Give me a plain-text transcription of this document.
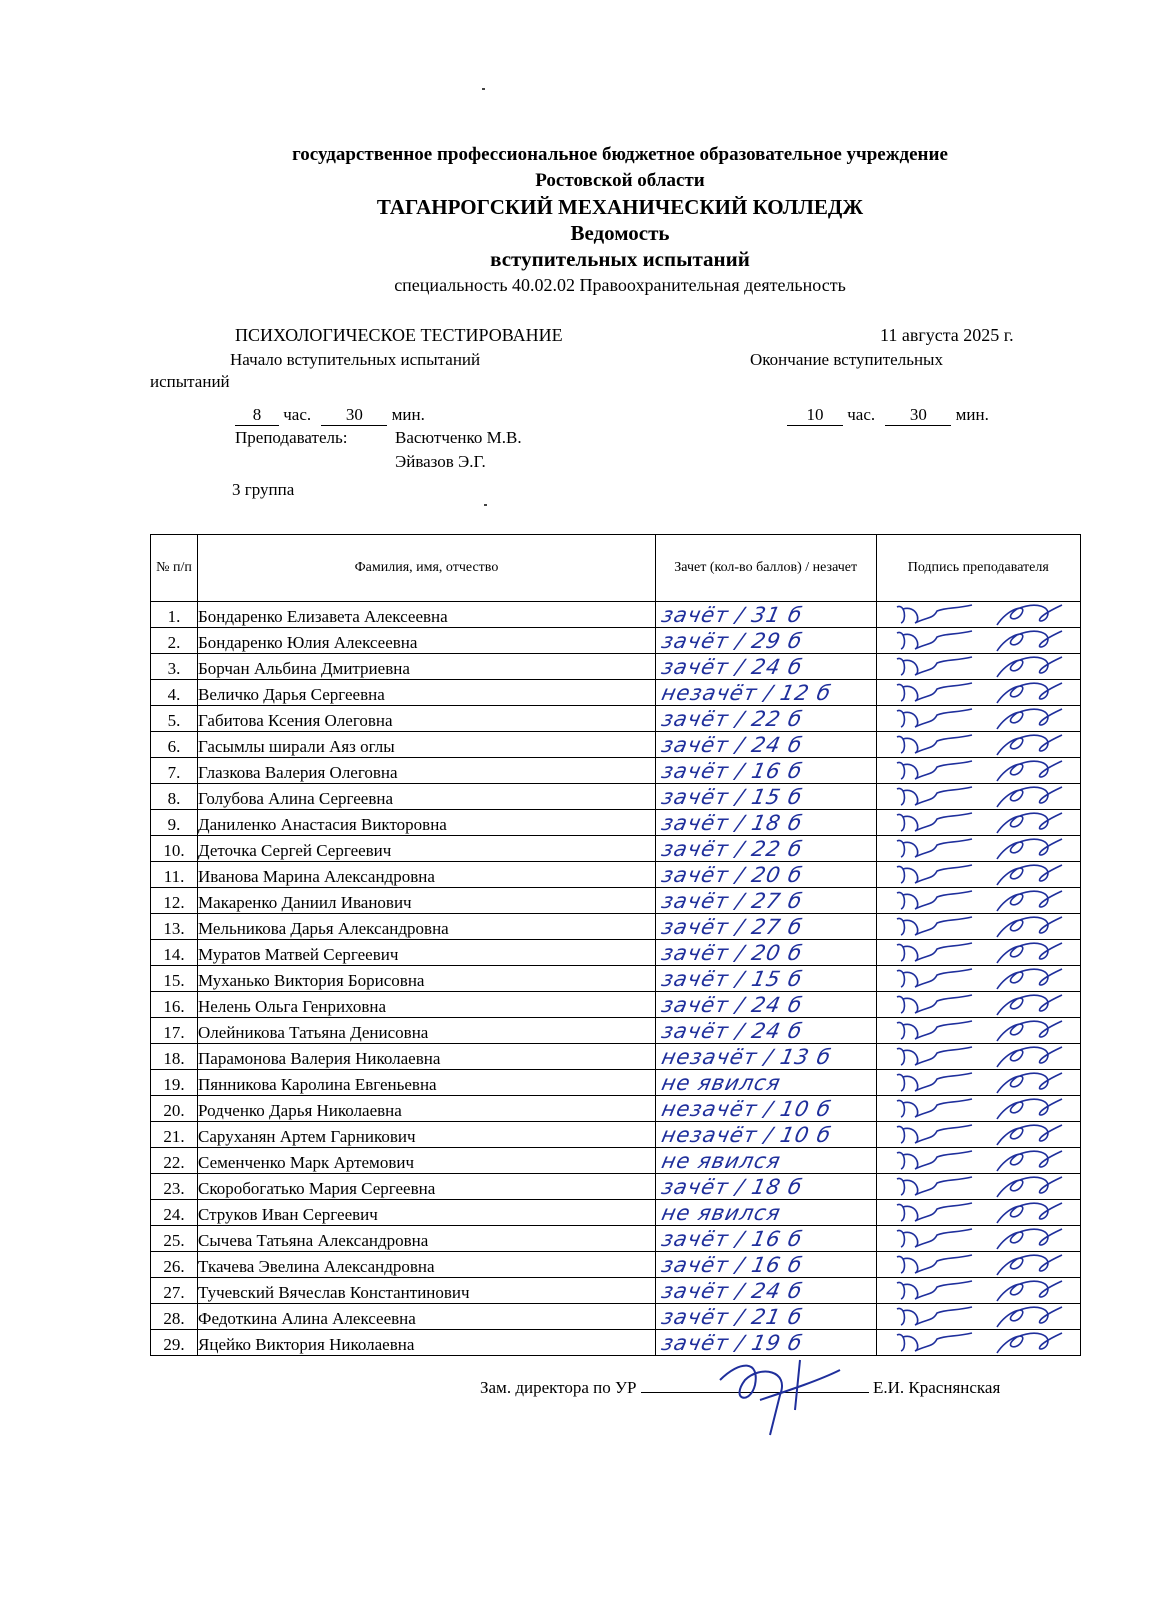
государственное профессиональное бюджетное образовательное учреждение
Ростовской области
ТАГАНРОГСКИЙ МЕХАНИЧЕСКИЙ КОЛЛЕДЖ
Ведомость
вступительных испытаний
специальность 40.02.02 Правоохранительная деятельность
ПСИХОЛОГИЧЕСКОЕ ТЕСТИРОВАНИЕ	11 августа 2025 г.
Начало вступительных испытаний	Окончание вступительных
испытаний
8 час. 30 мин.	10 час. 30 мин.
Преподаватель:	Васютченко М.В.
Эйвазов Э.Г.
3 группа
№ п/п	Фамилия, имя, отчество	Зачет (кол-во баллов) / незачет	Подпись преподавателя
1.	Бондаренко Елизавета Алексеевна	зачёт / 31 б

2.	Бондаренко Юлия Алексеевна	зачёт / 29 б

3.	Борчан Альбина Дмитриевна	зачёт / 24 б

4.	Величко Дарья Сергеевна	незачёт / 12 б

5.	Габитова Ксения Олеговна	зачёт / 22 б

6.	Гасымлы ширали Аяз оглы	зачёт / 24 б

7.	Глазкова Валерия Олеговна	зачёт / 16 б

8.	Голубова Алина Сергеевна	зачёт / 15 б

9.	Даниленко Анастасия Викторовна	зачёт / 18 б

10.	Деточка Сергей Сергеевич	зачёт / 22 б

11.	Иванова Марина Александровна	зачёт / 20 б

12.	Макаренко Даниил Иванович	зачёт / 27 б

13.	Мельникова Дарья Александровна	зачёт / 27 б

14.	Муратов Матвей Сергеевич	зачёт / 20 б

15.	Муханько Виктория Борисовна	зачёт / 15 б

16.	Нелень Ольга Генриховна	зачёт / 24 б

17.	Олейникова Татьяна Денисовна	зачёт / 24 б

18.	Парамонова Валерия Николаевна	незачёт / 13 б

19.	Пянникова Каролина Евгеньевна	не явился

20.	Родченко Дарья Николаевна	незачёт / 10 б

21.	Саруханян Артем Гарникович	незачёт / 10 б

22.	Семенченко Марк Артемович	не явился

23.	Скоробогатько Мария Сергеевна	зачёт / 18 б

24.	Струков Иван Сергеевич	не явился

25.	Сычева Татьяна Александровна	зачёт / 16 б

26.	Ткачева Эвелина Александровна	зачёт / 16 б

27.	Тучевский Вячеслав Константинович	зачёт / 24 б

28.	Федоткина Алина Алексеевна	зачёт / 21 б

29.	Яцейко Виктория Николаевна	зачёт / 19 б

Зам. директора по УР	Е.И. Краснянская
